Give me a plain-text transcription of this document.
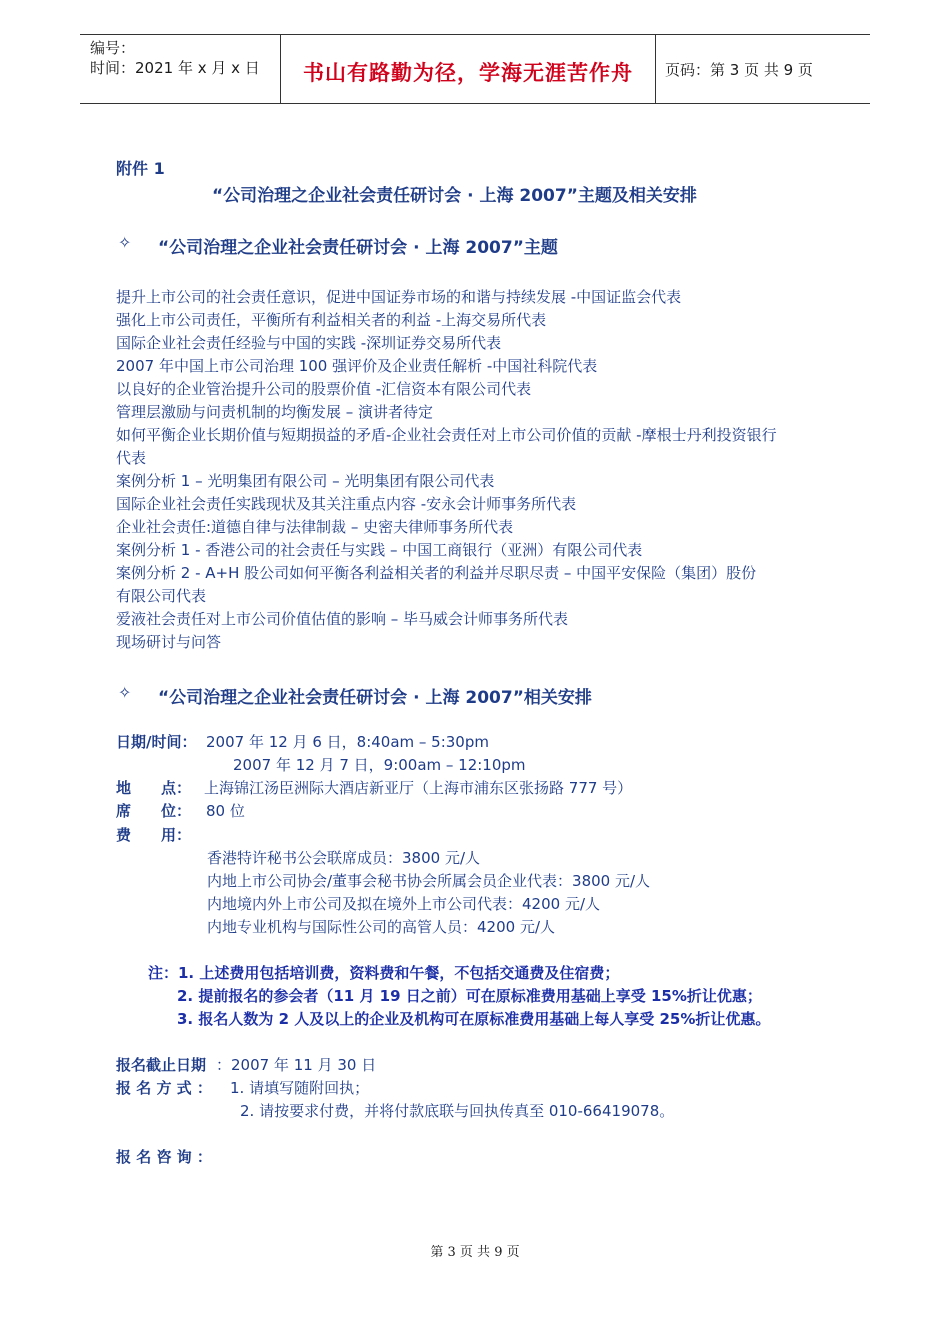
编号：
时间：2021 年 x 月 x 日	书山有路勤为径，学海无涯苦作舟	页码：第 3 页 共 9 页
附件 1
“公司治理之企业社会责任研讨会 · 上海 2007”主题及相关安排
✧ “公司治理之企业社会责任研讨会 · 上海 2007”主题
提升上市公司的社会责任意识，促进中国证券市场的和谐与持续发展 -中国证监会代表
强化上市公司责任，平衡所有利益相关者的利益 -上海交易所代表
国际企业社会责任经验与中国的实践 -深圳证券交易所代表
2007 年中国上市公司治理 100 强评价及企业责任解析 -中国社科院代表
以良好的企业管治提升公司的股票价值 -汇信资本有限公司代表
管理层激励与问责机制的均衡发展 – 演讲者待定
如何平衡企业长期价值与短期损益的矛盾-企业社会责任对上市公司价值的贡献 -摩根士丹利投资银行
代表
案例分析 1 – 光明集团有限公司 – 光明集团有限公司代表
国际企业社会责任实践现状及其关注重点内容 -安永会计师事务所代表
企业社会责任:道德自律与法律制裁 – 史密夫律师事务所代表
案例分析 1 - 香港公司的社会责任与实践 – 中国工商银行（亚洲）有限公司代表
案例分析 2 - A+H 股公司如何平衡各利益相关者的利益并尽职尽责 – 中国平安保险（集团）股份
有限公司代表
爱液社会责任对上市公司价值估值的影响 – 毕马威会计师事务所代表
现场研讨与问答
✧ “公司治理之企业社会责任研讨会 · 上海 2007”相关安排
日期/时间： 2007 年 12 月 6 日，8:40am – 5:30pm
2007 年 12 月 7 日，9:00am – 12:10pm
地　　点： 上海锦江汤臣洲际大酒店新亚厅（上海市浦东区张扬路 777 号）
席　　位： 80 位
费　　用：
香港特许秘书公会联席成员：3800 元/人
内地上市公司协会/董事会秘书协会所属会员企业代表：3800 元/人
内地境内外上市公司及拟在境外上市公司代表：4200 元/人
内地专业机构与国际性公司的高管人员：4200 元/人
注：1. 上述费用包括培训费，资料费和午餐，不包括交通费及住宿费；
2. 提前报名的参会者（11 月 19 日之前）可在原标准费用基础上享受 15%折让优惠；
3. 报名人数为 2 人及以上的企业及机构可在原标准费用基础上每人享受 25%折让优惠。
报名截止日期 ：2007 年 11 月 30 日
报 名 方 式 ： 1. 请填写随附回执；
2. 请按要求付费，并将付款底联与回执传真至 010-66419078。
报 名 咨 询 ：
第 3 页 共 9 页
